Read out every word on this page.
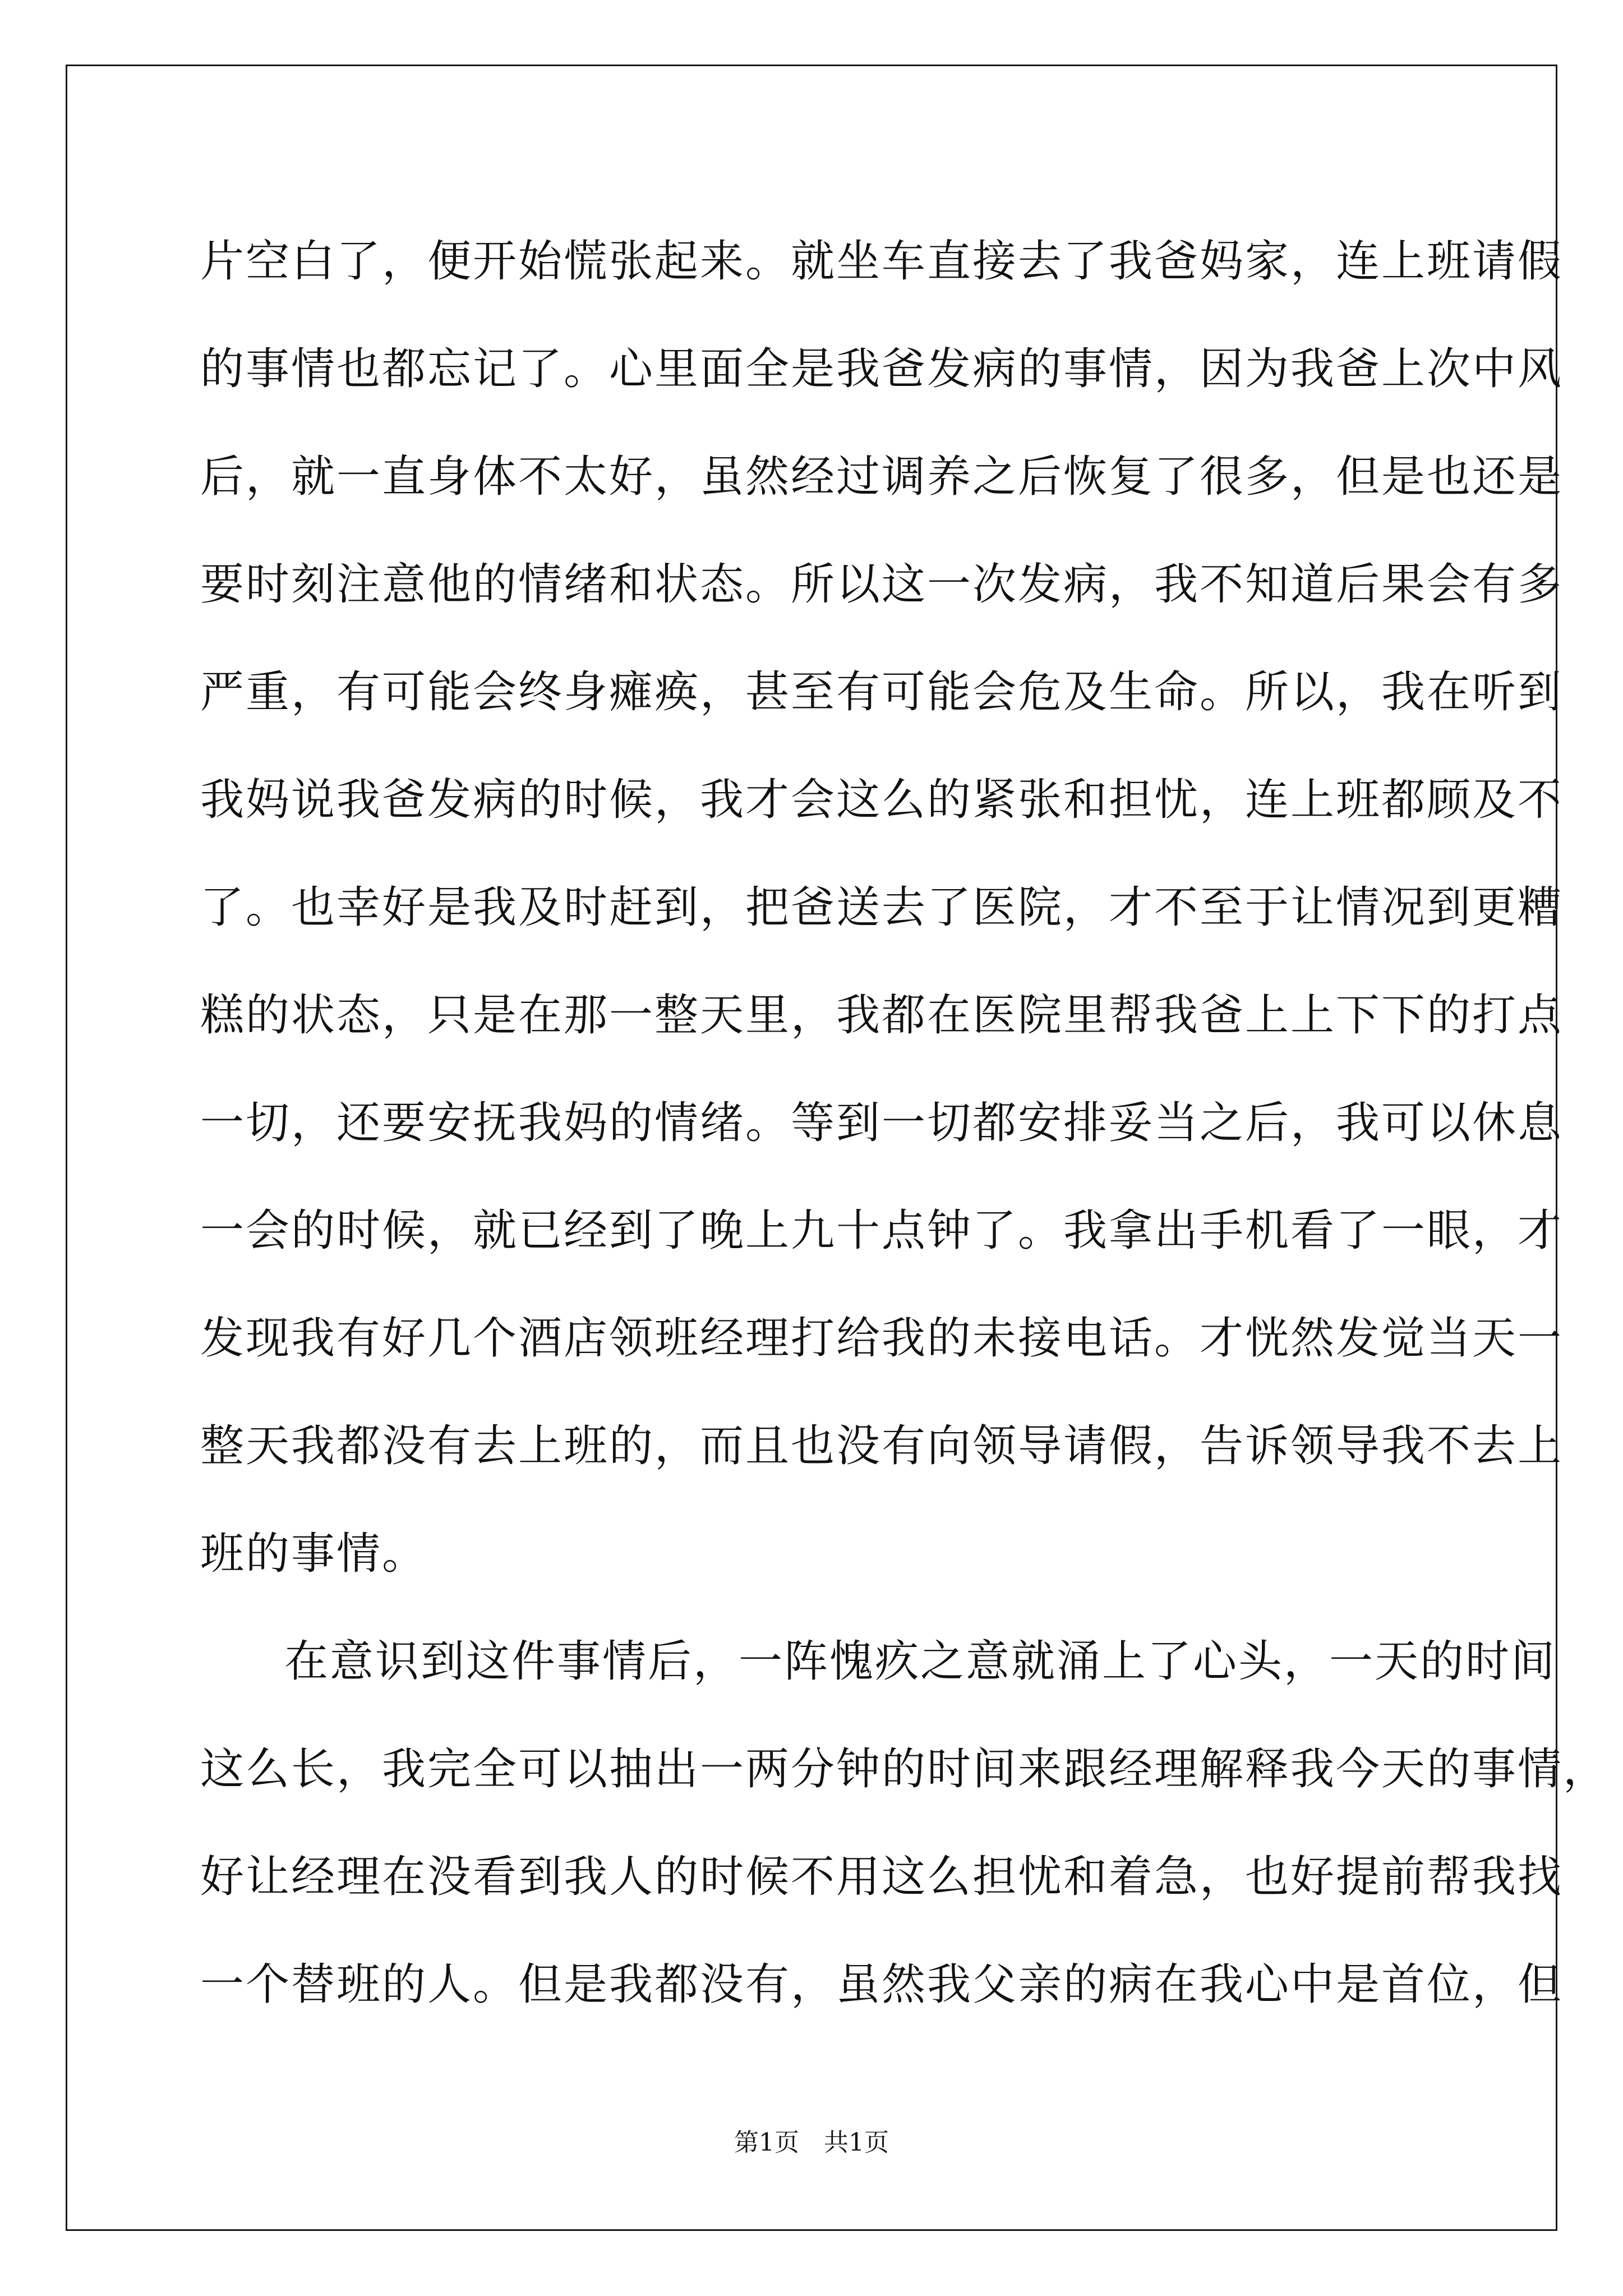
片空白了，便开始慌张起来。就坐车直接去了我爸妈家，连上班请假
的事情也都忘记了。心里面全是我爸发病的事情，因为我爸上次中风
后，就一直身体不太好，虽然经过调养之后恢复了很多，但是也还是
要时刻注意他的情绪和状态。所以这一次发病，我不知道后果会有多
严重，有可能会终身瘫痪，甚至有可能会危及生命。所以，我在听到
我妈说我爸发病的时候，我才会这么的紧张和担忧，连上班都顾及不
了。也幸好是我及时赶到，把爸送去了医院，才不至于让情况到更糟
糕的状态，只是在那一整天里，我都在医院里帮我爸上上下下的打点
一切，还要安抚我妈的情绪。等到一切都安排妥当之后，我可以休息
一会的时候，就已经到了晚上九十点钟了。我拿出手机看了一眼，才
发现我有好几个酒店领班经理打给我的未接电话。才恍然发觉当天一
整天我都没有去上班的，而且也没有向领导请假，告诉领导我不去上
班的事情。
在意识到这件事情后，一阵愧疚之意就涌上了心头，一天的时间
这么长，我完全可以抽出一两分钟的时间来跟经理解释我今天的事情，
好让经理在没看到我人的时候不用这么担忧和着急，也好提前帮我找
一个替班的人。但是我都没有，虽然我父亲的病在我心中是首位，但
第1页　共1页
